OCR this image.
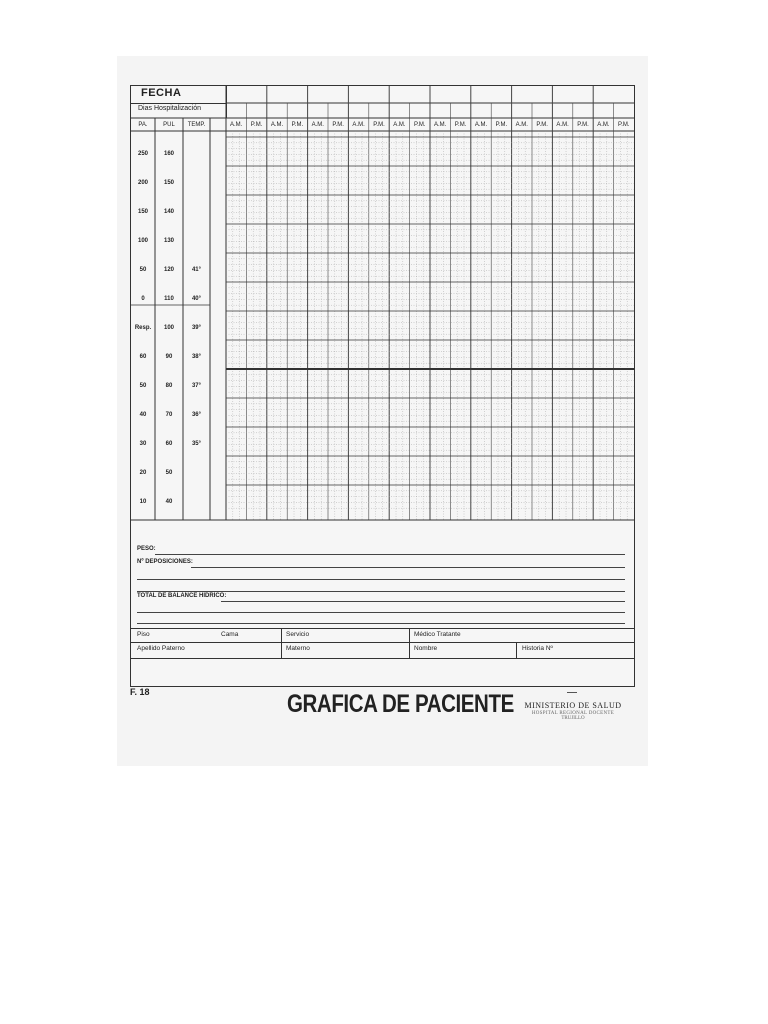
FECHA
Dias Hospitalización
PA.	PUL	TEMP.	A.M.	P.M.	A.M.	P.M.	A.M.	P.M.	A.M.	P.M.	A.M.	P.M.	A.M.	P.M.	A.M.	P.M.	A.M.	P.M.	A.M.	P.M.	A.M.	P.M.
250	160
200	150
150	140
100	130
50	120	41°
0	110	40°
Resp.	100	39°
60	90	38°
50	80	37°
40	70	36°
30	60	35°
20	50
10	40
PESO:
Nº DEPOSICIONES:
TOTAL DE BALANCE HIDRICO:
Piso	Cama	Servicio	Médico Tratante
Apellido Paterno	Materno	Nombre	Historia Nº
F. 18	GRAFICA DE PACIENTE	MINISTERIO DE SALUD
HOSPITAL REGIONAL DOCENTE
TRUJILLO
